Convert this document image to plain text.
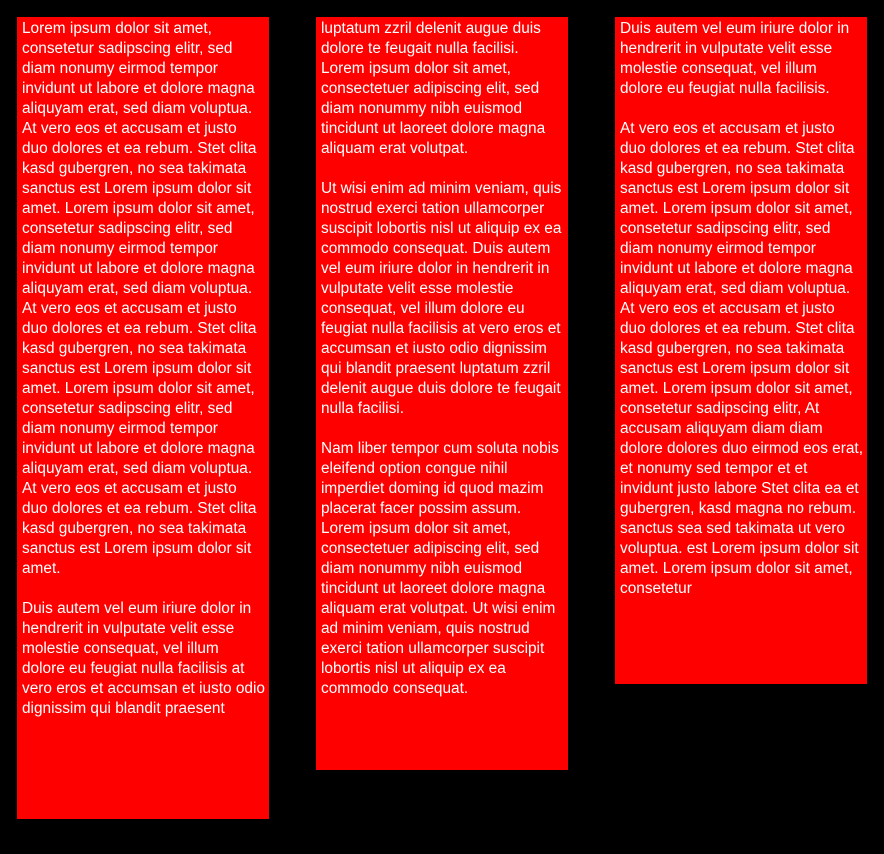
Lorem ipsum dolor sit amet, consetetur sadipscing elitr, sed diam nonumy eirmod tempor invidunt ut labore et dolore magna aliquyam erat, sed diam voluptua. At vero eos et accusam et justo duo dolores et ea rebum. Stet clita kasd gubergren, no sea takimata sanctus est Lorem ipsum dolor sit amet. Lorem ipsum dolor sit amet, consetetur sadipscing elitr, sed diam nonumy eirmod tempor invidunt ut labore et dolore magna aliquyam erat, sed diam voluptua. At vero eos et accusam et justo duo dolores et ea rebum. Stet clita kasd gubergren, no sea takimata sanctus est Lorem ipsum dolor sit amet. Lorem ipsum dolor sit amet, consetetur sadipscing elitr, sed diam nonumy eirmod tempor invidunt ut labore et dolore magna aliquyam erat, sed diam voluptua. At vero eos et accusam et justo duo dolores et ea rebum. Stet clita kasd gubergren, no sea takimata sanctus est Lorem ipsum dolor sit amet.

Duis autem vel eum iriure dolor in hendrerit in vulputate velit esse molestie consequat, vel illum dolore eu feugiat nulla facilisis at vero eros et accumsan et iusto odio dignissim qui blandit praesent

luptatum zzril delenit augue duis dolore te feugait nulla facilisi. Lorem ipsum dolor sit amet, consectetuer adipiscing elit, sed diam nonummy nibh euismod tincidunt ut laoreet dolore magna aliquam erat volutpat.

Ut wisi enim ad minim veniam, quis nostrud exerci tation ullamcorper suscipit lobortis nisl ut aliquip ex ea commodo consequat. Duis autem vel eum iriure dolor in hendrerit in vulputate velit esse molestie consequat, vel illum dolore eu feugiat nulla facilisis at vero eros et accumsan et iusto odio dignissim qui blandit praesent luptatum zzril delenit augue duis dolore te feugait nulla facilisi.

Nam liber tempor cum soluta nobis eleifend option congue nihil imperdiet doming id quod mazim placerat facer possim assum. Lorem ipsum dolor sit amet, consectetuer adipiscing elit, sed diam nonummy nibh euismod tincidunt ut laoreet dolore magna aliquam erat volutpat. Ut wisi enim ad minim veniam, quis nostrud exerci tation ullamcorper suscipit lobortis nisl ut aliquip ex ea commodo consequat.

Duis autem vel eum iriure dolor in hendrerit in vulputate velit esse molestie consequat, vel illum dolore eu feugiat nulla facilisis.

At vero eos et accusam et justo duo dolores et ea rebum. Stet clita kasd gubergren, no sea takimata sanctus est Lorem ipsum dolor sit amet. Lorem ipsum dolor sit amet, consetetur sadipscing elitr, sed diam nonumy eirmod tempor invidunt ut labore et dolore magna aliquyam erat, sed diam voluptua. At vero eos et accusam et justo duo dolores et ea rebum. Stet clita kasd gubergren, no sea takimata sanctus est Lorem ipsum dolor sit amet. Lorem ipsum dolor sit amet, consetetur sadipscing elitr, At accusam aliquyam diam diam dolore dolores duo eirmod eos erat, et nonumy sed tempor et et invidunt justo labore Stet clita ea et gubergren, kasd magna no rebum. sanctus sea sed takimata ut vero voluptua. est Lorem ipsum dolor sit amet. Lorem ipsum dolor sit amet, consetetur
